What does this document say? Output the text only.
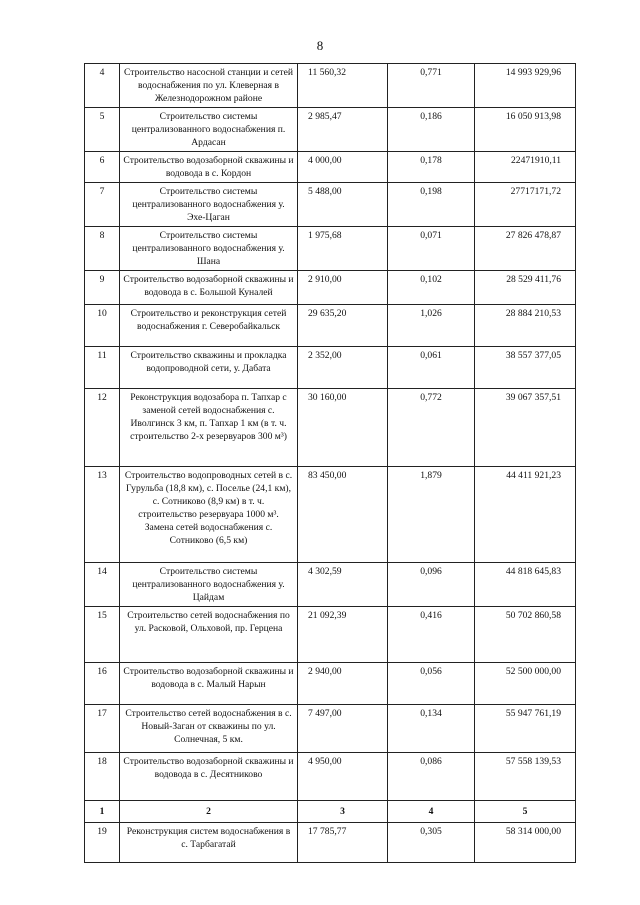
8
4	Строительство насосной станции и сетей водоснабжения по ул. Клеверная в Железнодорожном районе	11 560,32	0,771	14 993 929,96
5	Строительство системы централизованного водоснабжения п. Ардасан	2 985,47	0,186	16 050 913,98
6	Строительство водозаборной скважины и водовода в с. Кордон	4 000,00	0,178	22471910,11
7	Строительство системы централизованного водоснабжения у. Эхе-Цаган	5 488,00	0,198	27717171,72
8	Строительство системы централизованного водоснабжения у. Шана	1 975,68	0,071	27 826 478,87
9	Строительство водозаборной скважины и водовода в с. Большой Куналей	2 910,00	0,102	28 529 411,76
10	Строительство и реконструкция сетей водоснабжения г. Северобайкальск	29 635,20	1,026	28 884 210,53
11	Строительство скважины и прокладка водопроводной сети, у. Дабата	2 352,00	0,061	38 557 377,05
12	Реконструкция водозабора п. Тапхар с заменой сетей водоснабжения с. Иволгинск 3 км, п. Тапхар 1 км (в т. ч. строительство 2-х резервуаров 300 м³)	30 160,00	0,772	39 067 357,51
13	Строительство водопроводных сетей в с. Гурульба (18,8 км), с. Поселье (24,1 км), с. Сотниково (8,9 км) в т. ч. строительство резервуара 1000 м³. Замена сетей водоснабжения с. Сотниково (6,5 км)	83 450,00	1,879	44 411 921,23
14	Строительство системы централизованного водоснабжения у. Цайдам	4 302,59	0,096	44 818 645,83
15	Строительство сетей водоснабжения по ул. Расковой, Ольховой, пр. Герцена	21 092,39	0,416	50 702 860,58
16	Строительство водозаборной скважины и водовода в с. Малый Нарын	2 940,00	0,056	52 500 000,00
17	Строительство сетей водоснабжения в с. Новый-Заган от скважины по ул. Солнечная, 5 км.	7 497,00	0,134	55 947 761,19
18	Строительство водозаборной скважины и водовода в с. Десятниково	4 950,00	0,086	57 558 139,53
1	2	3	4	5
19	Реконструкция систем водоснабжения в с. Тарбагатай	17 785,77	0,305	58 314 000,00
